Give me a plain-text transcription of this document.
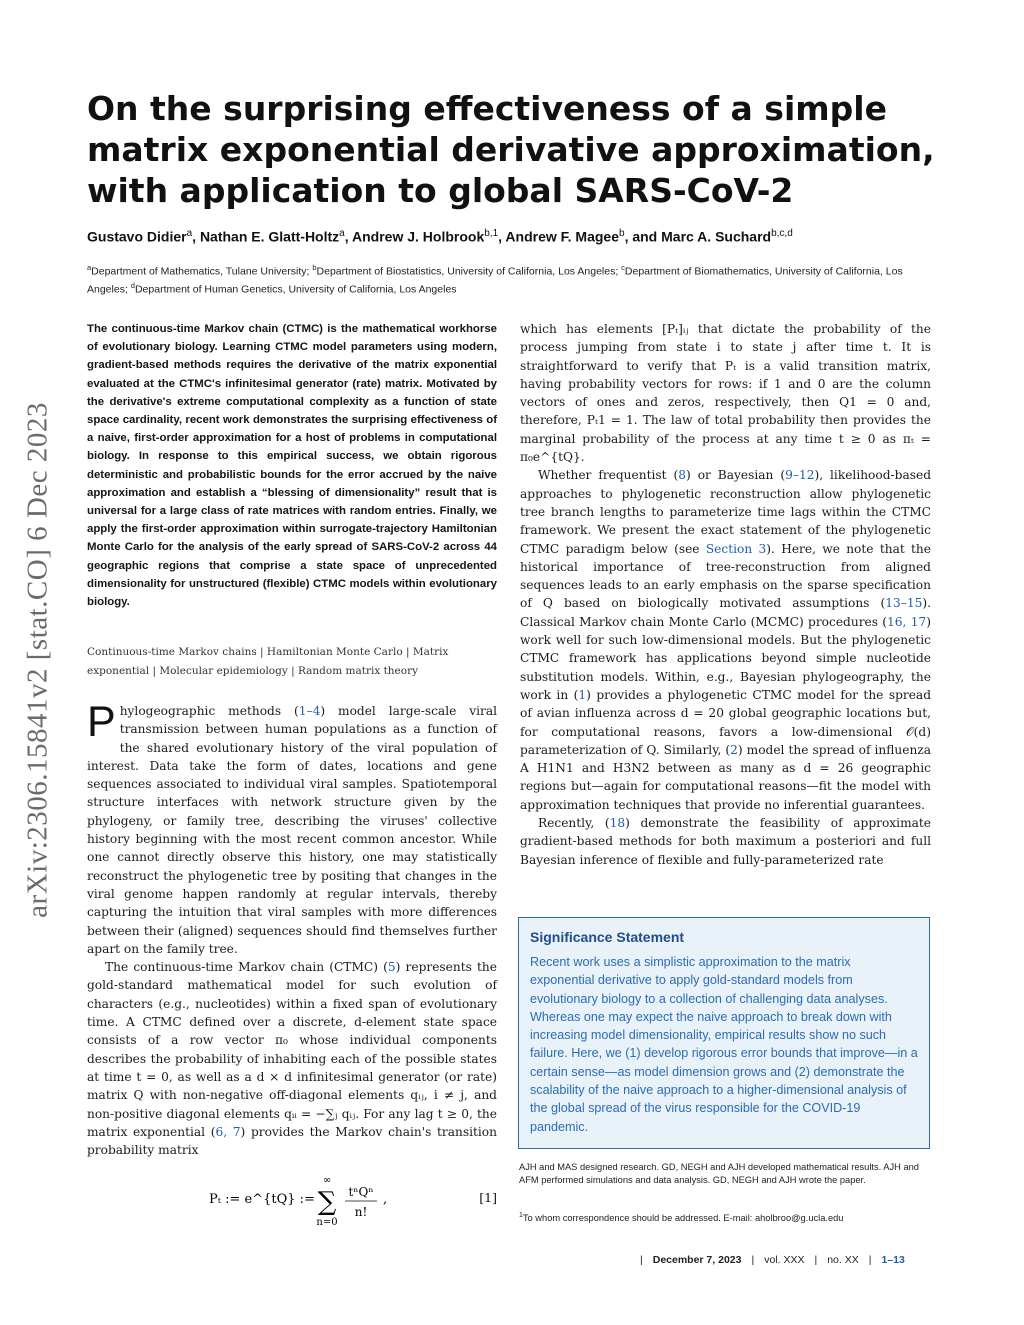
arXiv:2306.15841v2 [stat.CO] 6 Dec 2023
On the surprising effectiveness of a simple matrix exponential derivative approximation, with application to global SARS-CoV-2
Gustavo Didier$^a$, Nathan E. Glatt-Holtz$^a$, Andrew J. Holbrook$^{b,1}$, Andrew F. Magee$^b$, and Marc A. Suchard$^{b,c,d}$
$^a$Department of Mathematics, Tulane University; $^b$Department of Biostatistics, University of California, Los Angeles; $^c$Department of Biomathematics, University of California, Los Angeles; $^d$Department of Human Genetics, University of California, Los Angeles

The continuous-time Markov chain (CTMC) is the mathematical workhorse of evolutionary biology. Learning CTMC model parameters using modern, gradient-based methods requires the derivative of the matrix exponential evaluated at the CTMC's infinitesimal generator (rate) matrix. Motivated by the derivative's extreme computational complexity as a function of state space cardinality, recent work demonstrates the surprising effectiveness of a naive, first-order approximation for a host of problems in computational biology. In response to this empirical success, we obtain rigorous deterministic and probabilistic bounds for the error accrued by the naive approximation and establish a “blessing of dimensionality” result that is universal for a large class of rate matrices with random entries. Finally, we apply the first-order approximation within surrogate-trajectory Hamiltonian Monte Carlo for the analysis of the early spread of SARS-CoV-2 across 44 geographic regions that comprise a state space of unprecedented dimensionality for unstructured (flexible) CTMC models within evolutionary biology.

Continuous-time Markov chains | Hamiltonian Monte Carlo | Matrix exponential | Molecular epidemiology | Random matrix theory

Phylogeographic methods (1–4) model large-scale viral transmission between human populations as a function of the shared evolutionary history of the viral population of interest. Data take the form of dates, locations and gene sequences associated to individual viral samples. Spatiotemporal structure interfaces with network structure given by the phylogeny, or family tree, describing the viruses' collective history beginning with the most recent common ancestor. While one cannot directly observe this history, one may statistically reconstruct the phylogenetic tree by positing that changes in the viral genome happen randomly at regular intervals, thereby capturing the intuition that viral samples with more differences between their (aligned) sequences should find themselves further apart on the family tree.

The continuous-time Markov chain (CTMC) (5) represents the gold-standard mathematical model for such evolution of characters (e.g., nucleotides) within a fixed span of evolutionary time. A CTMC defined over a discrete, d-element state space consists of a row vector π₀ whose individual components describes the probability of inhabiting each of the possible states at time t = 0, as well as a d × d infinitesimal generator (or rate) matrix Q with non-negative off-diagonal elements qᵢⱼ, i ≠ j, and non-positive diagonal elements qᵢᵢ = −∑ⱼ qᵢⱼ. For any lag t ≥ 0, the matrix exponential (6, 7) provides the Markov chain's transition probability matrix

Pₜ := e^{tQ} :=
∞
∑
n=0
tⁿQⁿ
n!
,	[1]

which has elements [Pₜ]ᵢⱼ that dictate the probability of the process jumping from state i to state j after time t. It is straightforward to verify that Pₜ is a valid transition matrix, having probability vectors for rows: if 1 and 0 are the column vectors of ones and zeros, respectively, then Q1 = 0 and, therefore, Pₜ1 = 1. The law of total probability then provides the marginal probability of the process at any time t ≥ 0 as πₜ = π₀e^{tQ}.

Whether frequentist (8) or Bayesian (9–12), likelihood-based approaches to phylogenetic reconstruction allow phylogenetic tree branch lengths to parameterize time lags within the CTMC framework. We present the exact statement of the phylogenetic CTMC paradigm below (see Section 3). Here, we note that the historical importance of tree-reconstruction from aligned sequences leads to an early emphasis on the sparse specification of Q based on biologically motivated assumptions (13–15). Classical Markov chain Monte Carlo (MCMC) procedures (16, 17) work well for such low-dimensional models. But the phylogenetic CTMC framework has applications beyond simple nucleotide substitution models. Within, e.g., Bayesian phylogeography, the work in (1) provides a phylogenetic CTMC model for the spread of avian influenza across d = 20 global geographic locations but, for computational reasons, favors a low-dimensional 𝒪(d) parameterization of Q. Similarly, (2) model the spread of influenza A H1N1 and H3N2 between as many as d = 26 geographic regions but—again for computational reasons—fit the model with approximation techniques that provide no inferential guarantees.

Recently, (18) demonstrate the feasibility of approximate gradient-based methods for both maximum a posteriori and full Bayesian inference of flexible and fully-parameterized rate

Significance Statement

Recent work uses a simplistic approximation to the matrix exponential derivative to apply gold-standard models from evolutionary biology to a collection of challenging data analyses. Whereas one may expect the naive approach to break down with increasing model dimensionality, empirical results show no such failure. Here, we (1) develop rigorous error bounds that improve—in a certain sense—as model dimension grows and (2) demonstrate the scalability of the naive approach to a higher-dimensional analysis of the global spread of the virus responsible for the COVID-19 pandemic.

AJH and MAS designed research. GD, NEGH and AJH developed mathematical results. AJH and AFM performed simulations and data analysis. GD, NEGH and AJH wrote the paper.
$^1$To whom correspondence should be addressed. E-mail: aholbroo@g.ucla.edu
| December 7, 2023 | vol. XXX | no. XX | 1–13
